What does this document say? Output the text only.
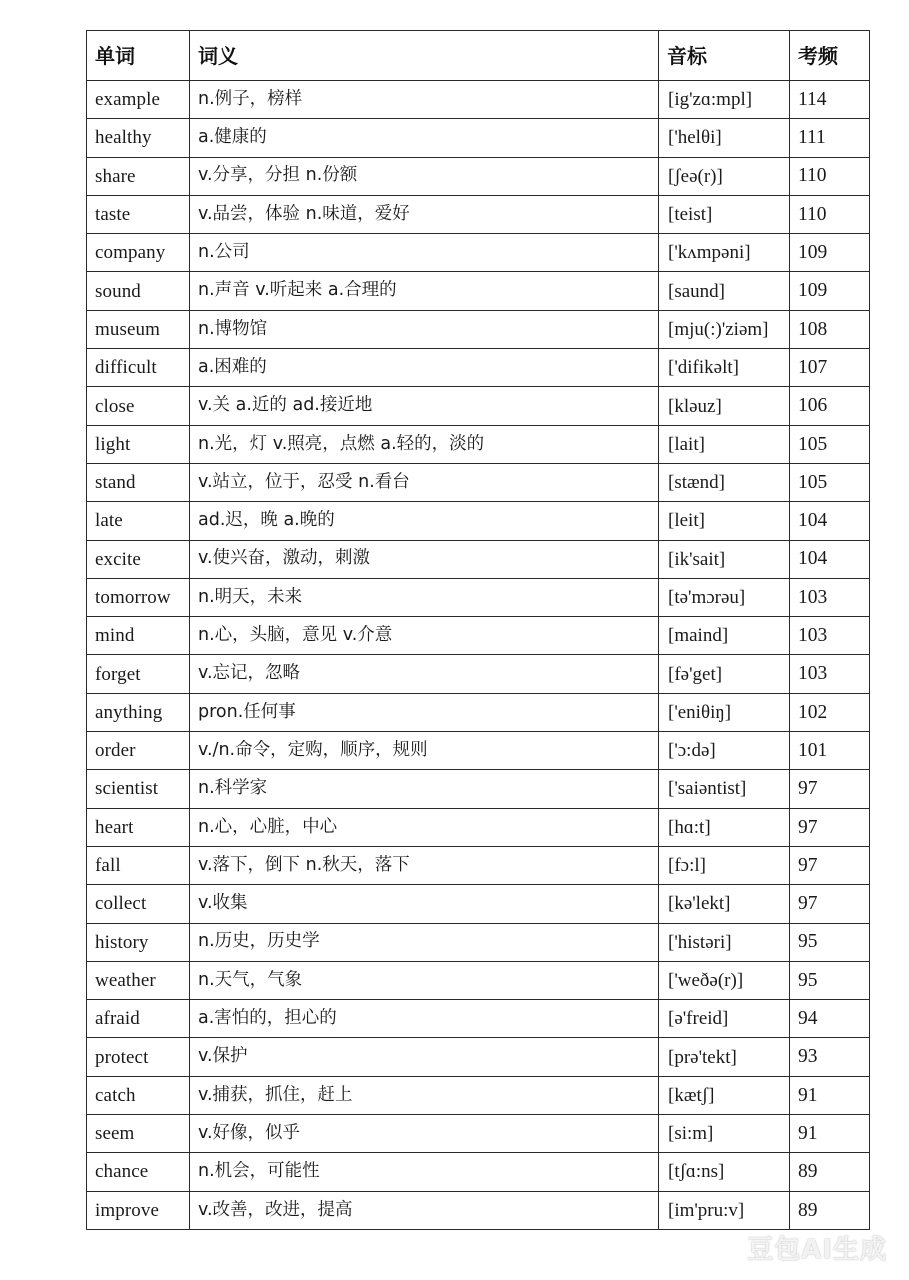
单词	词义	音标	考频
example	n.例子，榜样	[ig'zɑ:mpl]	114
healthy	a.健康的	['helθi]	111
share	v.分享，分担 n.份额	[ʃeə(r)]	110
taste	v.品尝，体验 n.味道，爱好	[teist]	110
company	n.公司	['kʌmpəni]	109
sound	n.声音 v.听起来 a.合理的	[saund]	109
museum	n.博物馆	[mju(:)'ziəm]	108
difficult	a.困难的	['difikəlt]	107
close	v.关 a.近的 ad.接近地	[kləuz]	106
light	n.光，灯 v.照亮，点燃 a.轻的，淡的	[lait]	105
stand	v.站立，位于，忍受 n.看台	[stænd]	105
late	ad.迟，晚 a.晚的	[leit]	104
excite	v.使兴奋，激动，刺激	[ik'sait]	104
tomorrow	n.明天，未来	[tə'mɔrəu]	103
mind	n.心，头脑，意见 v.介意	[maind]	103
forget	v.忘记，忽略	[fə'get]	103
anything	pron.任何事	['eniθiŋ]	102
order	v./n.命令，定购，顺序，规则	['ɔ:də]	101
scientist	n.科学家	['saiəntist]	97
heart	n.心，心脏，中心	[hɑ:t]	97
fall	v.落下，倒下 n.秋天，落下	[fɔ:l]	97
collect	v.收集	[kə'lekt]	97
history	n.历史，历史学	['histəri]	95
weather	n.天气，气象	['weðə(r)]	95
afraid	a.害怕的，担心的	[ə'freid]	94
protect	v.保护	[prə'tekt]	93
catch	v.捕获，抓住，赶上	[kætʃ]	91
seem	v.好像，似乎	[si:m]	91
chance	n.机会，可能性	[tʃɑ:ns]	89
improve	v.改善，改进，提高	[im'pru:v]	89
豆包AI生成
